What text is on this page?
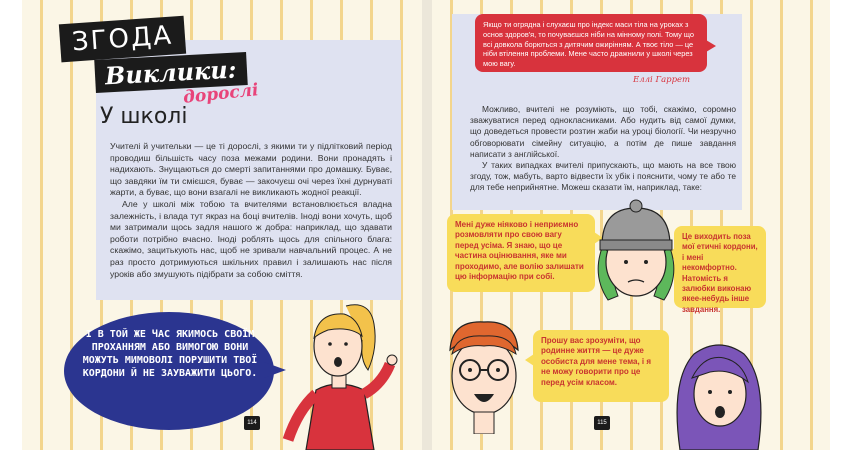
ЗГОДА
Виклики:
дорослі
У школі

Учителі й учительки — це ті дорослі, з якими ти у підлітковий період проводиш більшість часу поза межами родини. Вони пронадять і надихають. Знущаються до смерті запитаннями про домашку. Буває, що завдяки їм ти смієшся, буває — закочуєш очі через їхні дурнуваті жарти, а буває, що вони взагалі не викликають жодної реакції.

Але у школі між тобою та вчителями встановлюється владна залежність, і влада тут якраз на боці вчителів. Іноді вони хочуть, щоб ми затримали щось задля нашого ж добра: наприклад, що здавати роботи потрібно вчасно. Іноді роблять щось для спільного блага: скажімо, зацитькують нас, щоб не зривали навчальний процес. А не раз просто дотримуються шкільних правил і залишають нас після уроків або змушують підібрати за собою сміття.

І В ТОЙ ЖЕ ЧАС ЯКИМОСЬ СВОЇМ ПРОХАННЯМ АБО ВИМОГОЮ ВОНИ МОЖУТЬ МИМОВОЛІ ПОРУШИТИ ТВОЇ КОРДОНИ Й НЕ ЗАУВАЖИТИ ЦЬОГО.
114
Якщо ти огрядна і слухаєш про індекс маси тіла на уроках з основ здоров'я, то почуваєшся ніби на мінному полі. Тому що всі довкола борються з дитячим ожирінням. А твоє тіло — це ніби втілення проблеми. Мене часто дражнили у школі через мою вагу.
Еллі Гаррет

Можливо, вчителі не розуміють, що тобі, скажімо, соромно зважуватися перед однокласниками. Або нудить від самої думки, що доведеться провести розтин жаби на уроці біології. Чи незручно обговорювати сімейну ситуацію, а потім де пише завдання написати з англійської.

У таких випадках вчителі припускають, що мають на все твою згоду, тож, мабуть, варто відвести їх убік і пояснити, чому те або те для тебе неприйнятне. Можеш сказати їм, наприклад, таке:

Мені дуже ніяково і неприємно розмовляти про свою вагу перед усіма. Я знаю, що це частина оцінювання, яке ми проходимо, але волію залишати цю інформацію при собі.
Це виходить поза мої етичні кордони, і мені некомфортно. Натомість я залюбки виконаю якее-небудь інше завдання.
Прошу вас зрозуміти, що родинне життя — це дуже особиста для мене тема, і я не можу говорити про це перед усім класом.
115
